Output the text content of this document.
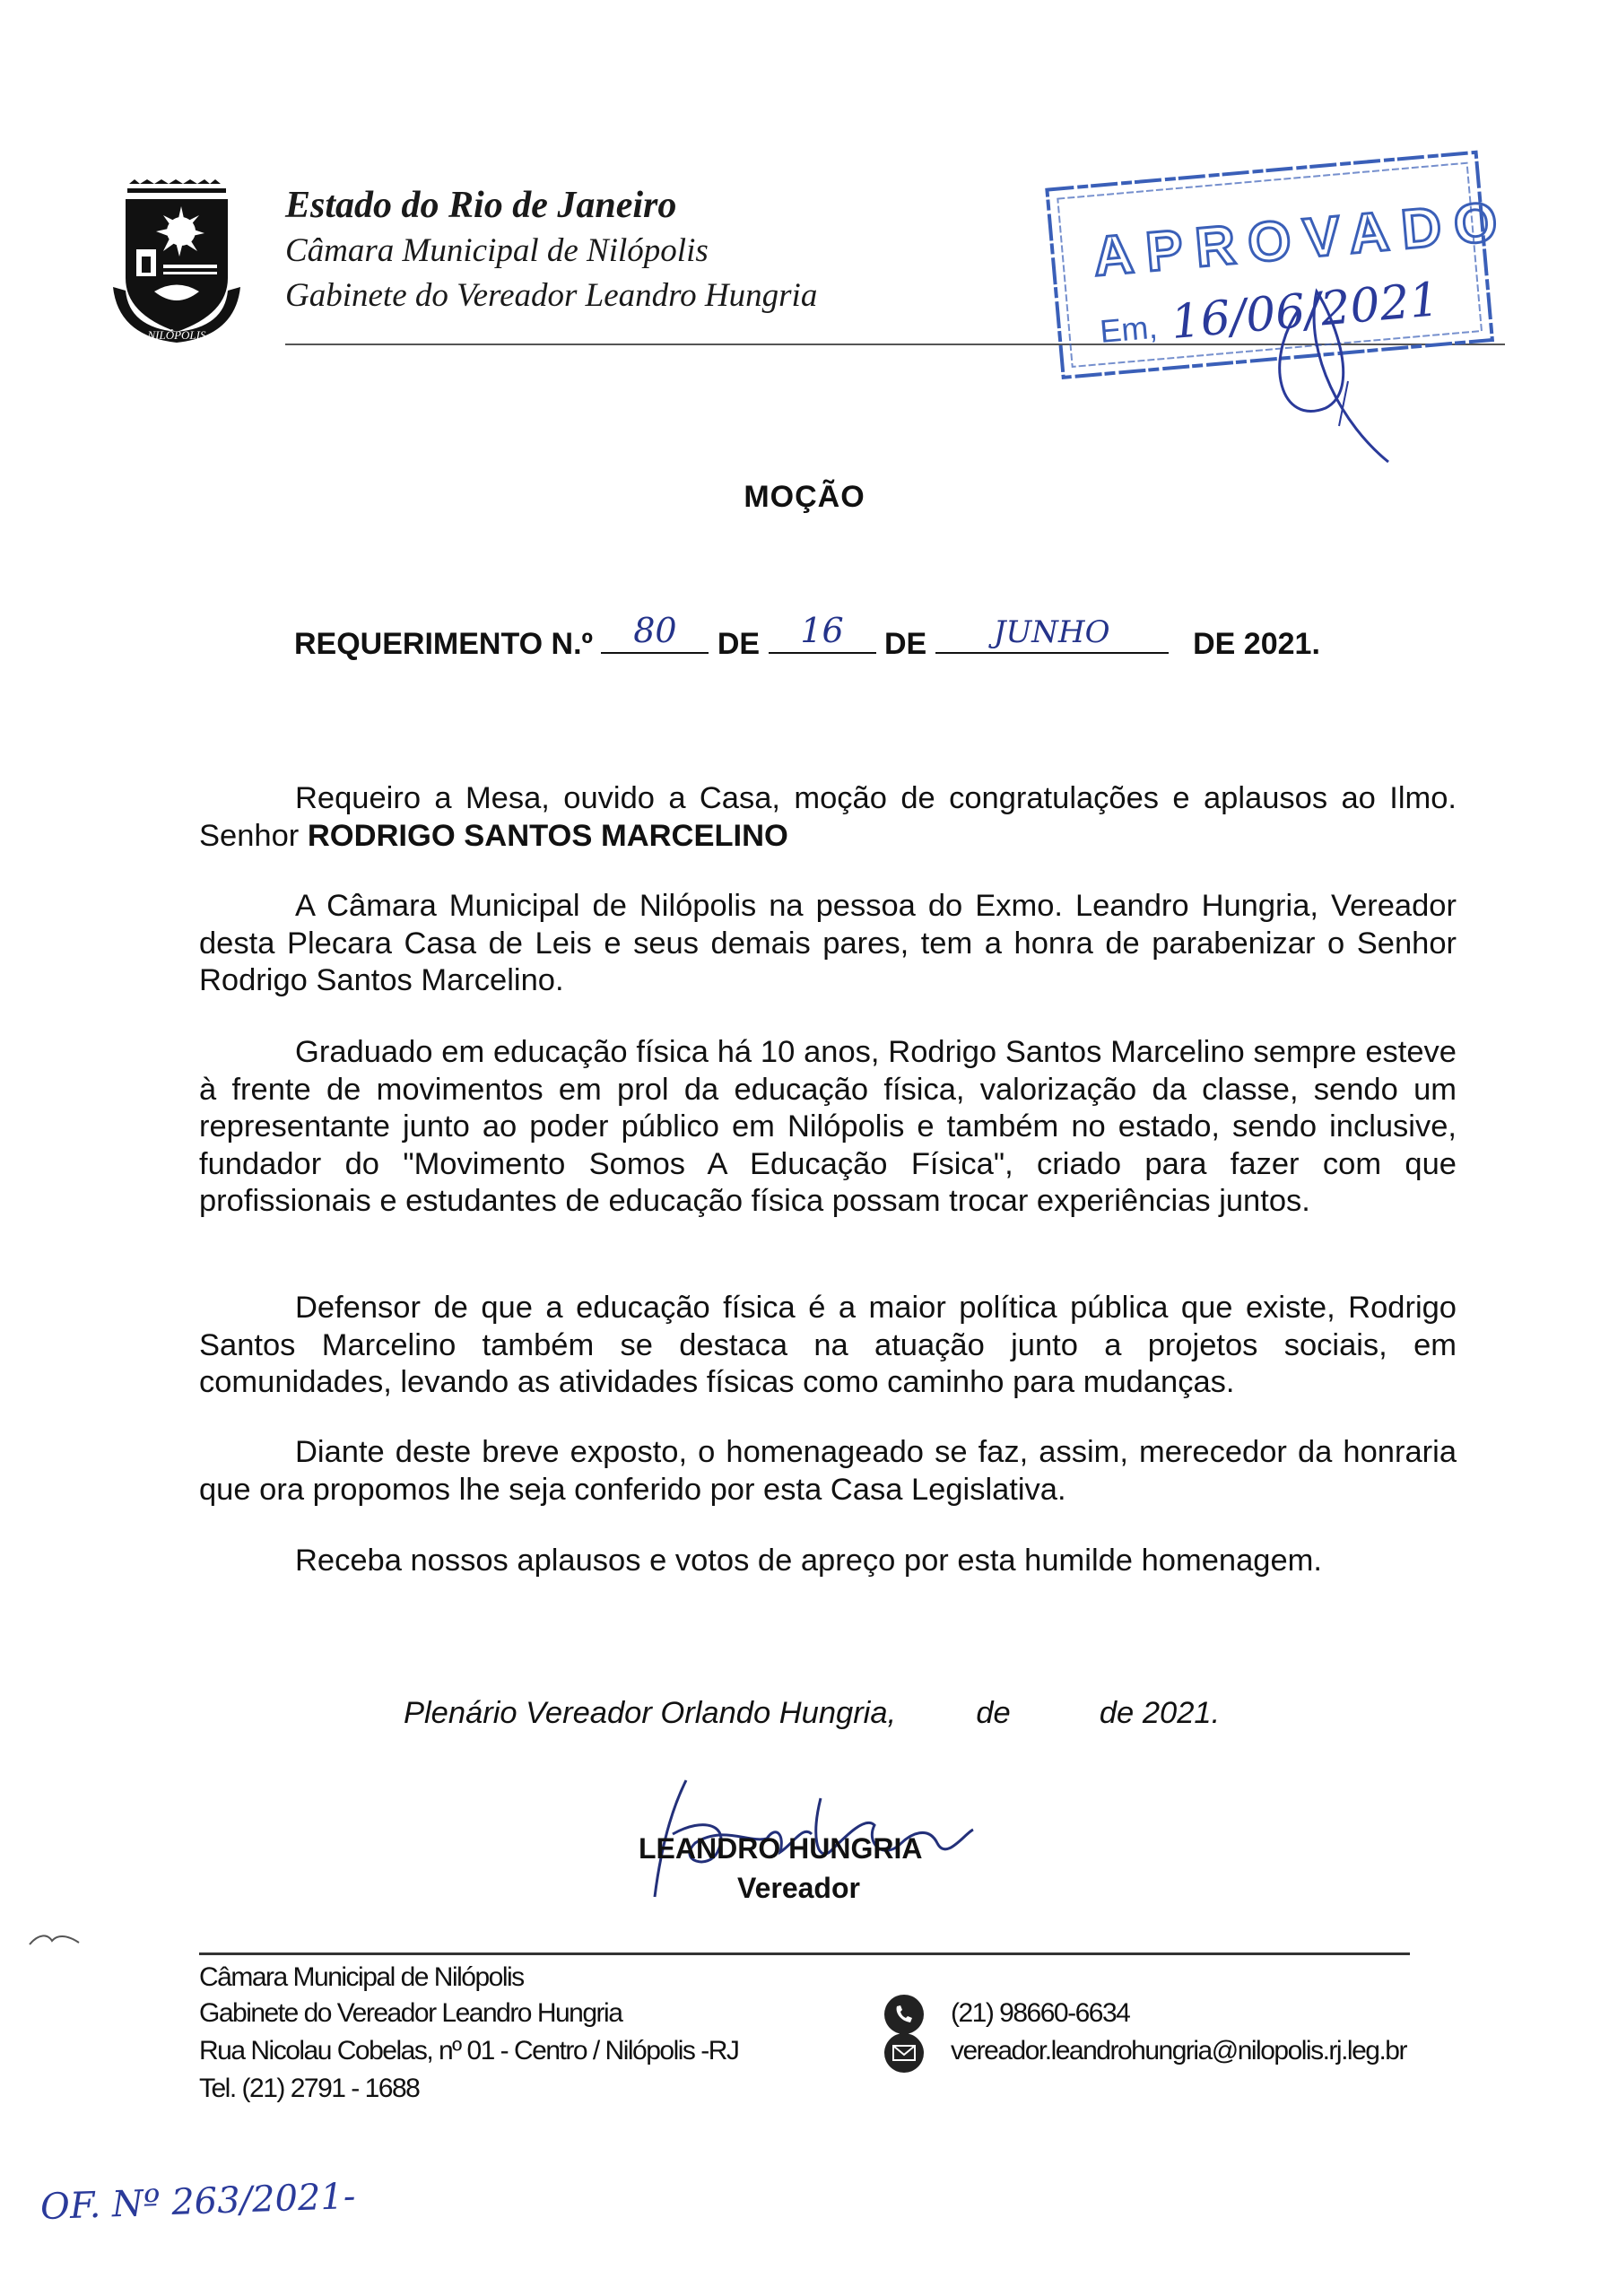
NILÓPOLIS
Estado do Rio de Janeiro
Câmara Municipal de Nilópolis
Gabinete do Vereador Leandro Hungria
APROVADO
Em, 16/06/2021
MOÇÃO
REQUERIMENTO N.º	80	DE	16	DE	JUNHO	DE 2021.
Requeiro a Mesa, ouvido a Casa, moção de congratulações e aplausos ao Ilmo. Senhor RODRIGO SANTOS MARCELINO
A Câmara Municipal de Nilópolis na pessoa do Exmo. Leandro Hungria, Vereador desta Plecara Casa de Leis e seus demais pares, tem a honra de parabenizar o Senhor Rodrigo Santos Marcelino.
Graduado em educação física há 10 anos, Rodrigo Santos Marcelino sempre esteve à frente de movimentos em prol da educação física, valorização da classe, sendo um representante junto ao poder público em Nilópolis e também no estado, sendo inclusive, fundador do "Movimento Somos A Educação Física", criado para fazer com que profissionais e estudantes de educação física possam trocar experiências juntos.
Defensor de que a educação física é a maior política pública que existe, Rodrigo Santos Marcelino também se destaca na atuação junto a projetos sociais, em comunidades, levando as atividades físicas como caminho para mudanças.
Diante deste breve exposto, o homenageado se faz, assim, merecedor da honraria que ora propomos lhe seja conferido por esta Casa Legislativa.
Receba nossos aplausos e votos de apreço por esta humilde homenagem.
Plenário Vereador Orlando Hungria,	de	de 2021.
LEANDRO HUNGRIA
Vereador
Câmara Municipal de Nilópolis
Gabinete do Vereador Leandro Hungria
Rua Nicolau Cobelas, nº 01 - Centro / Nilópolis -RJ
Tel. (21) 2791 - 1688
(21) 98660-6634
vereador.leandrohungria@nilopolis.rj.leg.br
OF. Nº 263/2021-
